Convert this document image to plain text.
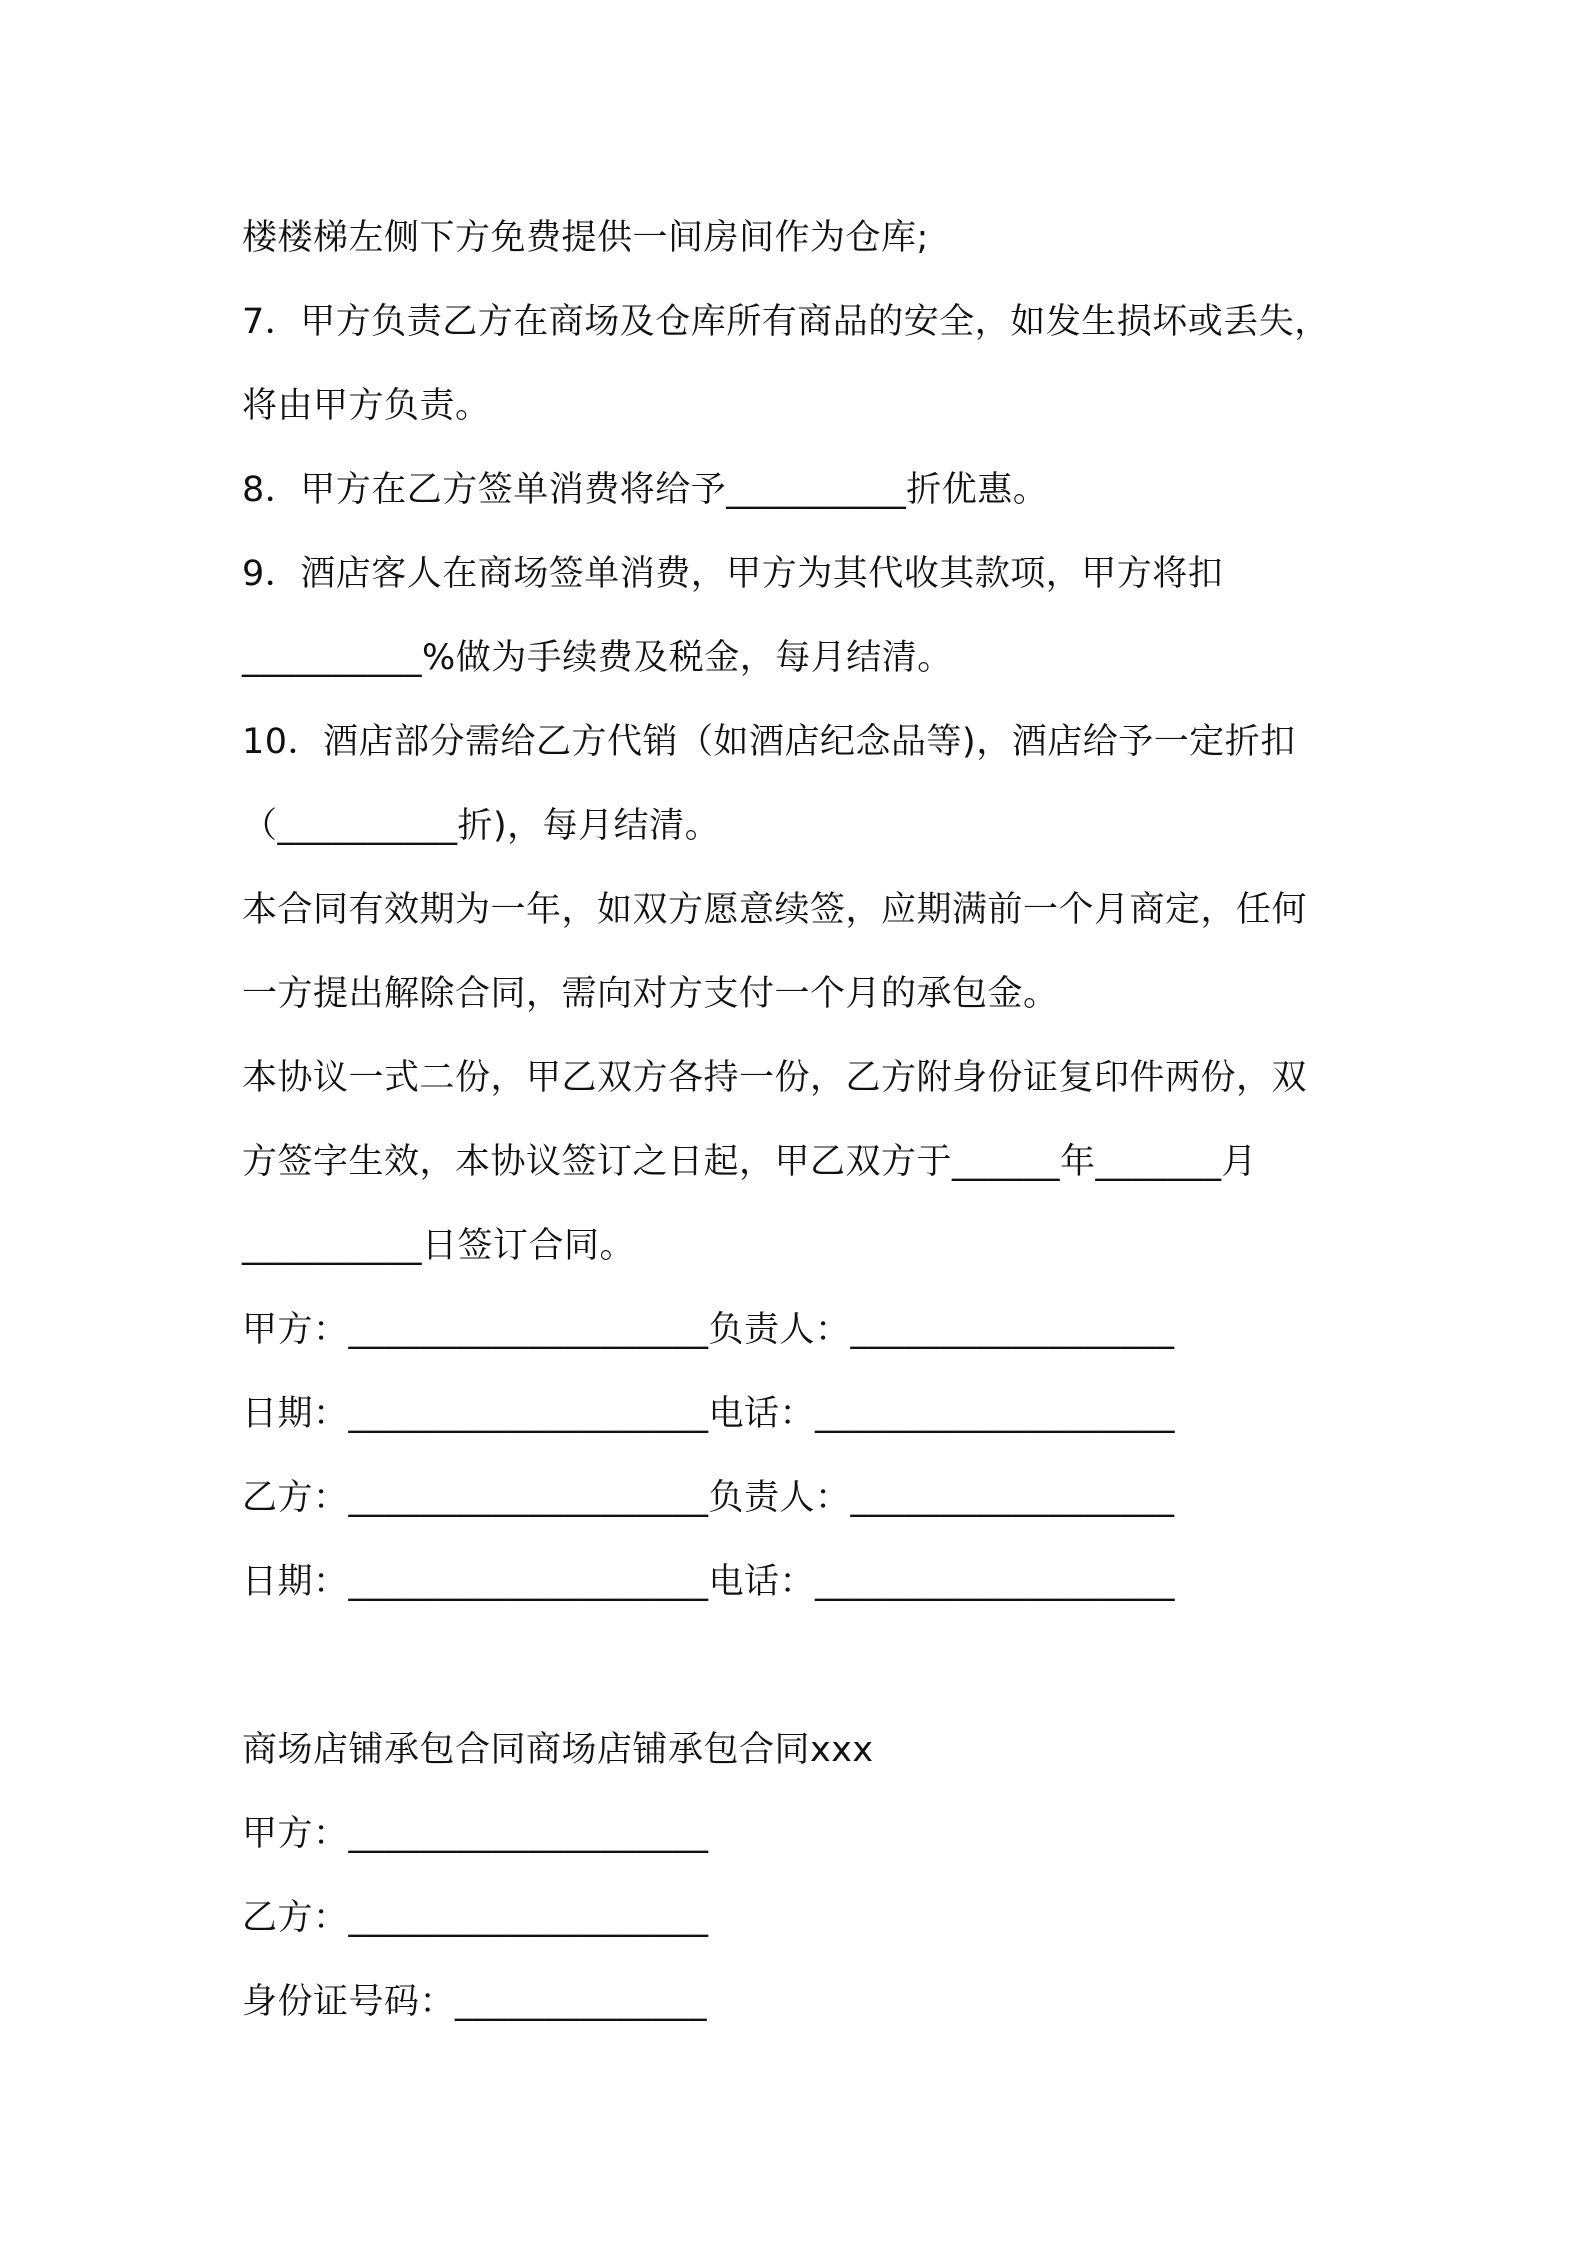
楼楼梯左侧下方免费提供一间房间作为仓库;
7．甲方负责乙方在商场及仓库所有商品的安全，如发生损坏或丢失，
将由甲方负责。
8．甲方在乙方签单消费将给予__________折优惠。
9．酒店客人在商场签单消费，甲方为其代收其款项，甲方将扣
__________%做为手续费及税金，每月结清。
10．酒店部分需给乙方代销（如酒店纪念品等)，酒店给予一定折扣
（__________折)，每月结清。
本合同有效期为一年，如双方愿意续签，应期满前一个月商定，任何
一方提出解除合同，需向对方支付一个月的承包金。
本协议一式二份，甲乙双方各持一份，乙方附身份证复印件两份，双
方签字生效，本协议签订之日起，甲乙双方于______年_______月
__________日签订合同。
甲方：____________________负责人：__________________
日期：____________________电话：____________________
乙方：____________________负责人：__________________
日期：____________________电话：____________________
商场店铺承包合同商场店铺承包合同xxx
甲方：____________________
乙方：____________________
身份证号码：______________
